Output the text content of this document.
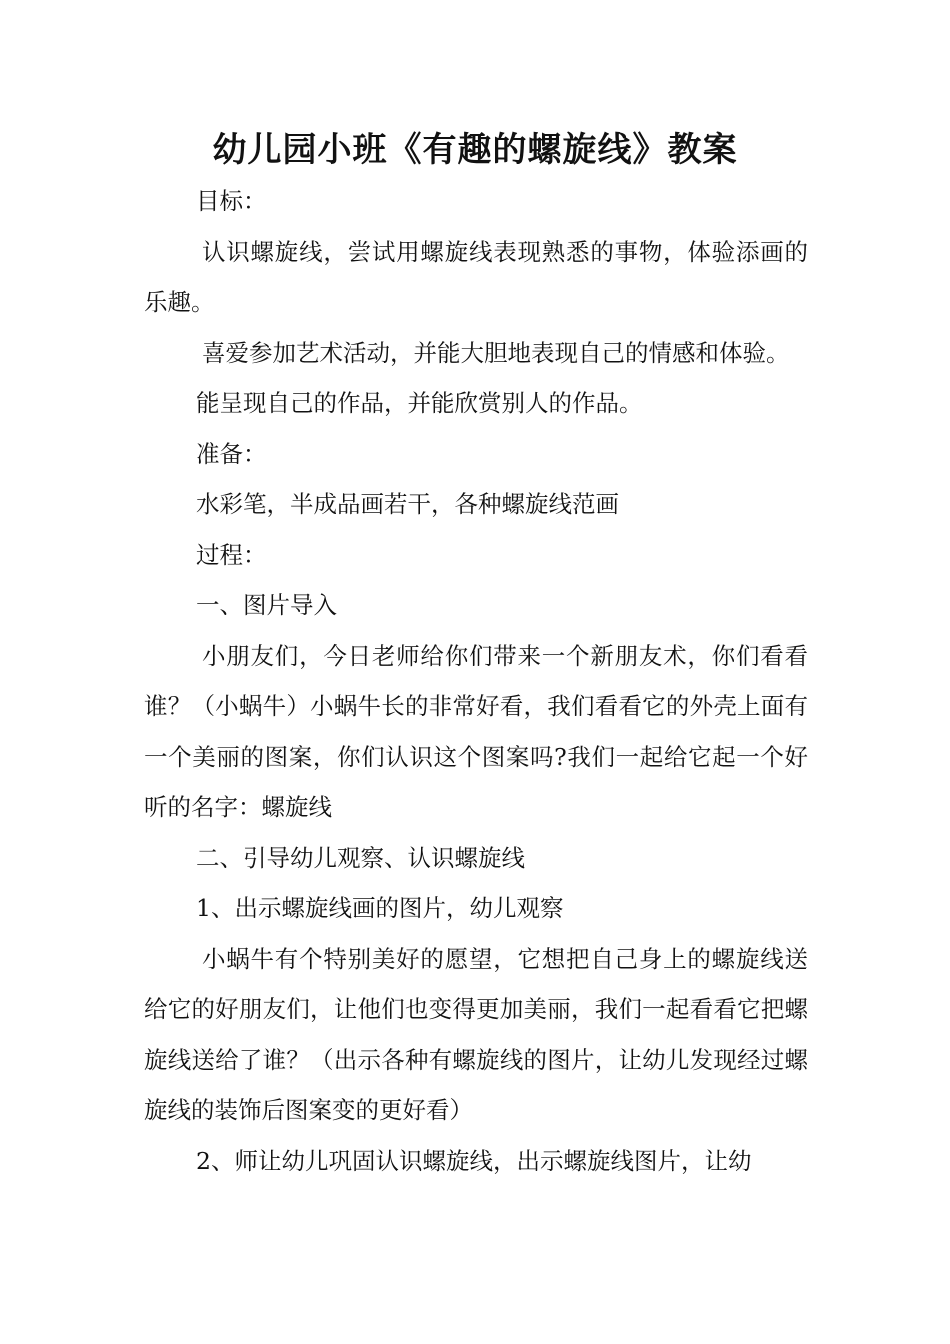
幼儿园小班《有趣的螺旋线》教案

目标：

认识螺旋线，尝试用螺旋线表现熟悉的事物，体验添画的乐趣。

喜爱参加艺术活动，并能大胆地表现自己的情感和体验。

能呈现自己的作品，并能欣赏别人的作品。

准备：

水彩笔，半成品画若干，各种螺旋线范画

过程：

一、图片导入

小朋友们，今日老师给你们带来一个新朋友术，你们看看谁？（小蜗牛）小蜗牛长的非常好看，我们看看它的外壳上面有一个美丽的图案，你们认识这个图案吗?我们一起给它起一个好听的名字：螺旋线

二、引导幼儿观察、认识螺旋线

1、出示螺旋线画的图片，幼儿观察

小蜗牛有个特别美好的愿望，它想把自己身上的螺旋线送给它的好朋友们，让他们也变得更加美丽，我们一起看看它把螺旋线送给了谁？（出示各种有螺旋线的图片，让幼儿发现经过螺旋线的装饰后图案变的更好看）

2、师让幼儿巩固认识螺旋线，出示螺旋线图片，让幼
